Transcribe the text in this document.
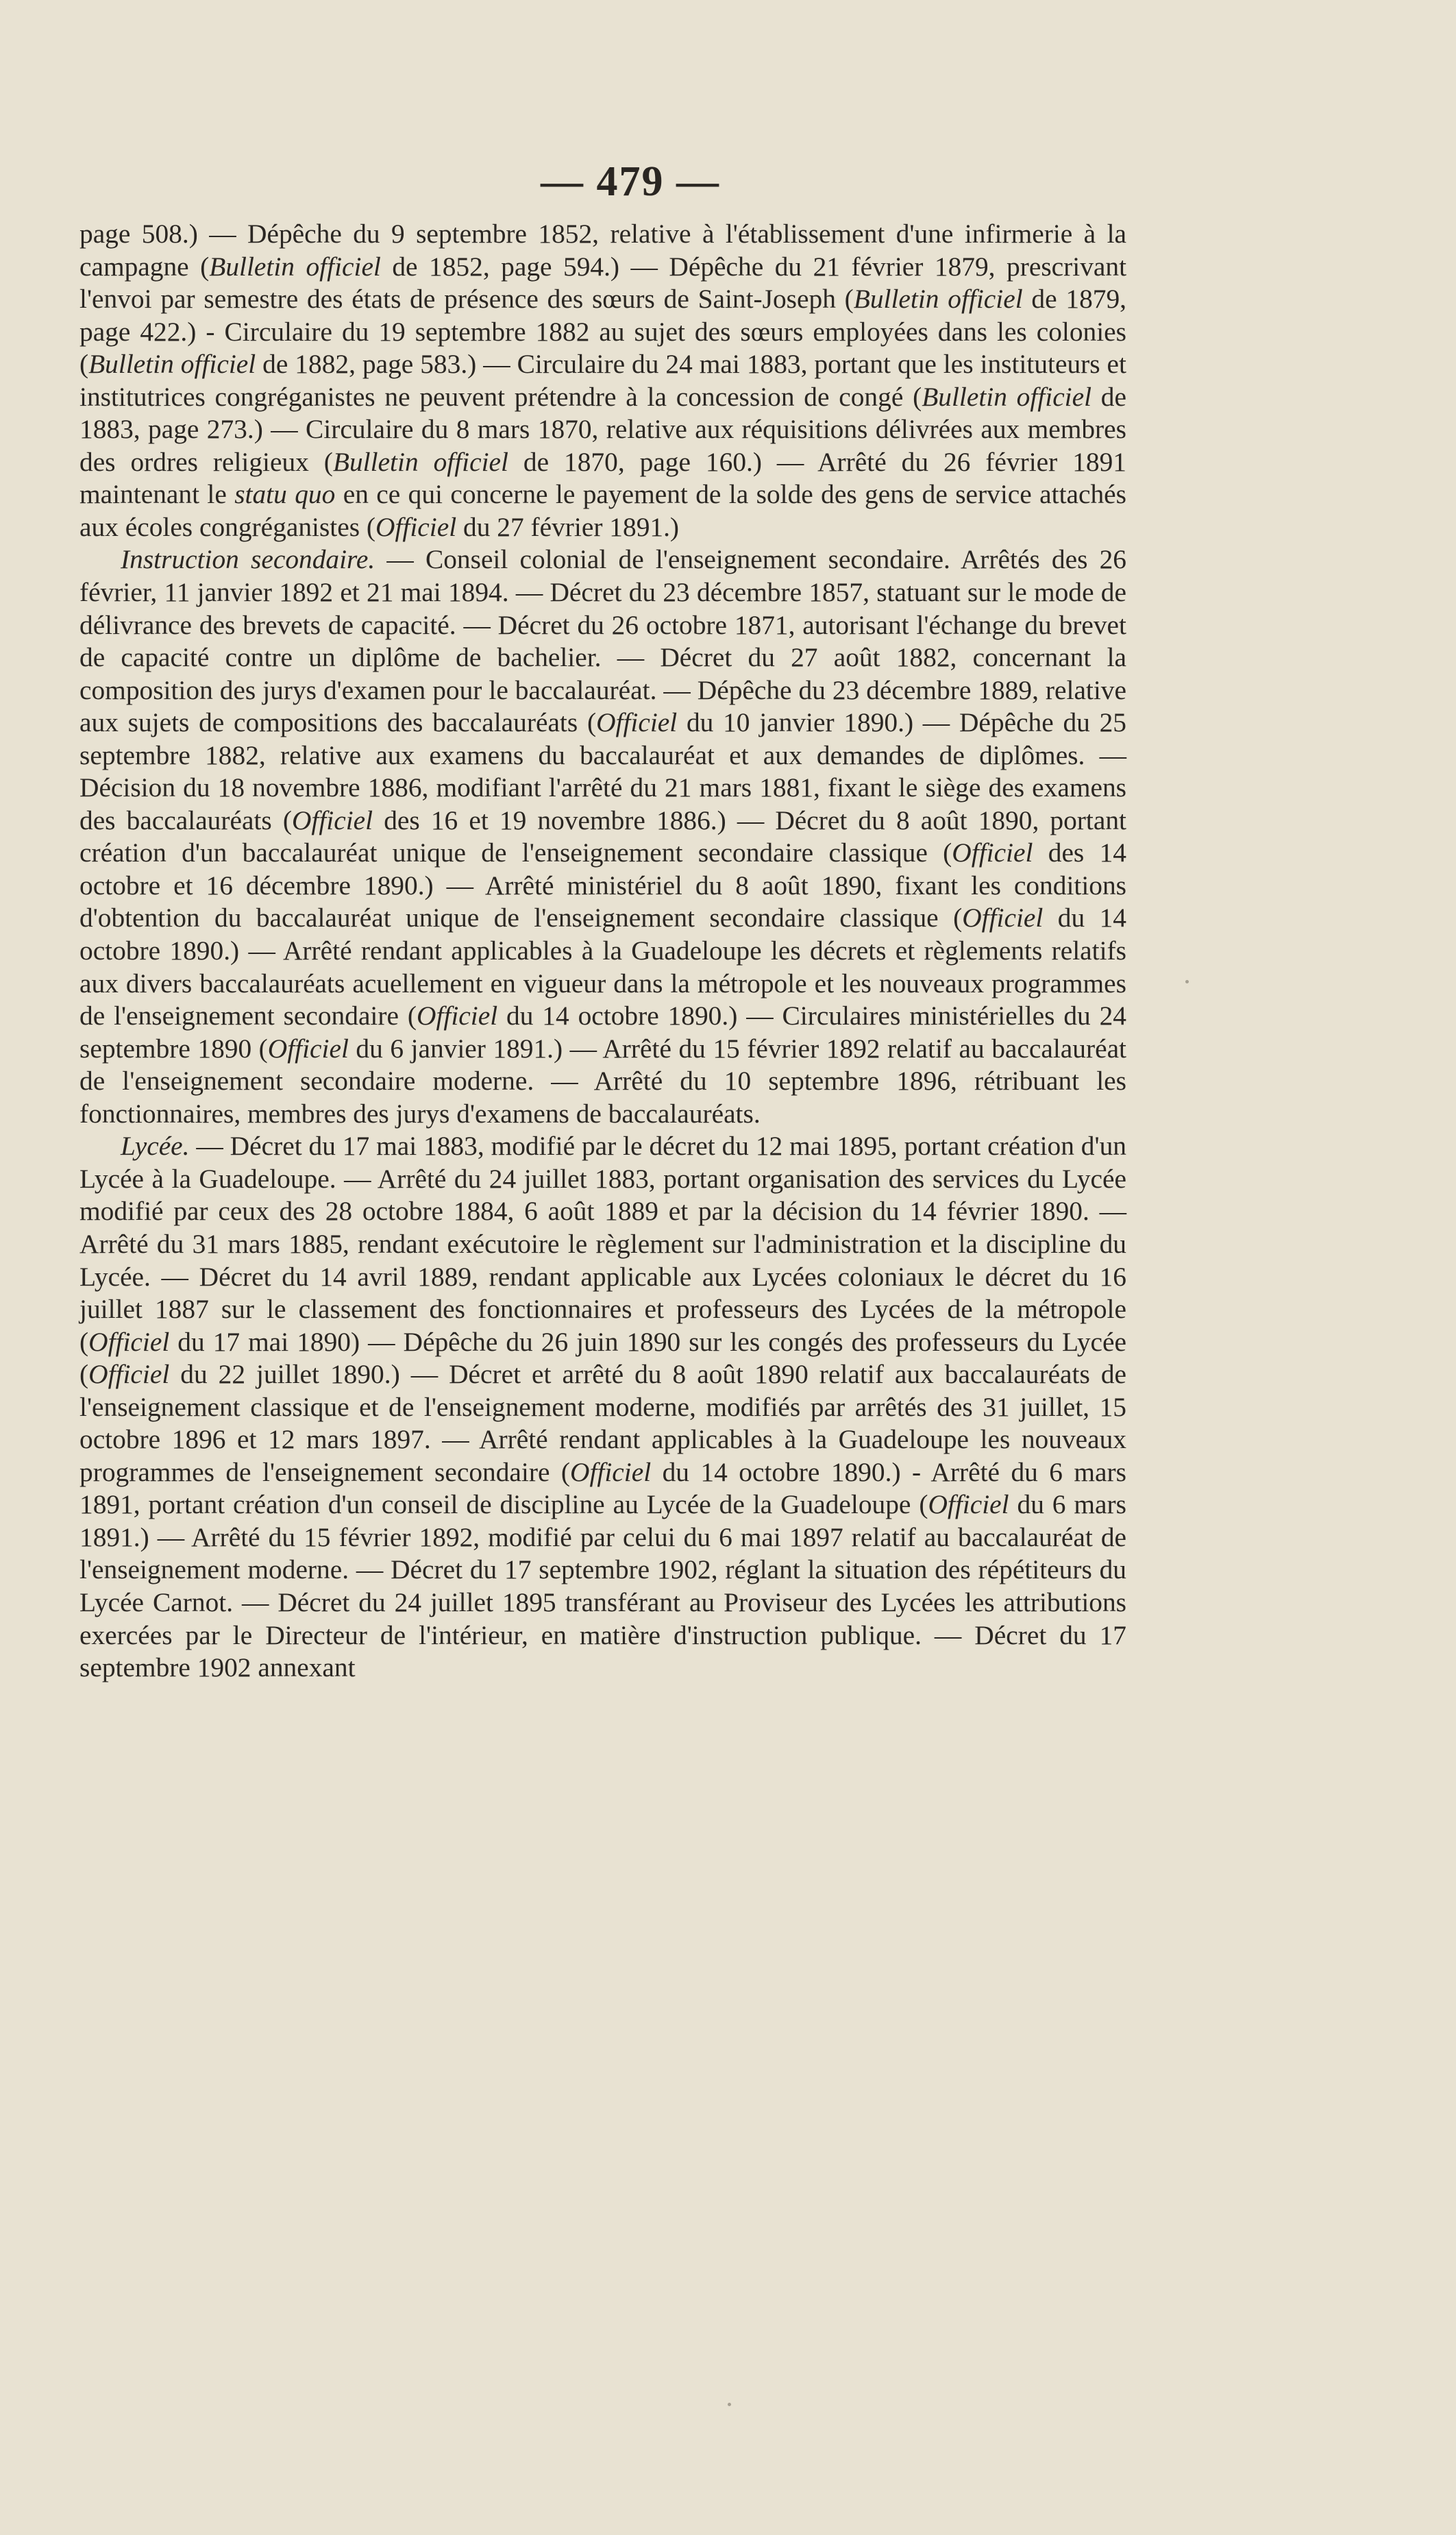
— 479 —

page 508.) — Dépêche du 9 septembre 1852, relative à l'établissement d'une infirmerie à la campagne (Bulletin officiel de 1852, page 594.) — Dépêche du 21 février 1879, prescrivant l'envoi par semestre des états de présence des sœurs de Saint-Joseph (Bulletin officiel de 1879, page 422.) - Circulaire du 19 septembre 1882 au sujet des sœurs employées dans les colonies (Bulletin officiel de 1882, page 583.) — Circulaire du 24 mai 1883, portant que les instituteurs et institutrices congréganistes ne peuvent prétendre à la concession de congé (Bulletin officiel de 1883, page 273.) — Circulaire du 8 mars 1870, relative aux réquisitions délivrées aux membres des ordres religieux (Bulletin officiel de 1870, page 160.) — Arrêté du 26 février 1891 maintenant le statu quo en ce qui concerne le payement de la solde des gens de service attachés aux écoles congréganistes (Officiel du 27 février 1891.)

Instruction secondaire. — Conseil colonial de l'enseignement secondaire. Arrêtés des 26 février, 11 janvier 1892 et 21 mai 1894. — Décret du 23 décembre 1857, statuant sur le mode de délivrance des brevets de capacité. — Décret du 26 octobre 1871, autorisant l'échange du brevet de capacité contre un diplôme de bachelier. — Décret du 27 août 1882, concernant la composition des jurys d'examen pour le baccalauréat. — Dépêche du 23 décembre 1889, relative aux sujets de compositions des baccalauréats (Officiel du 10 janvier 1890.) — Dépêche du 25 septembre 1882, relative aux examens du baccalauréat et aux demandes de diplômes. — Décision du 18 novembre 1886, modifiant l'arrêté du 21 mars 1881, fixant le siège des examens des baccalauréats (Officiel des 16 et 19 novembre 1886.) — Décret du 8 août 1890, portant création d'un baccalauréat unique de l'enseignement secondaire classique (Officiel des 14 octobre et 16 décembre 1890.) — Arrêté ministériel du 8 août 1890, fixant les conditions d'obtention du baccalauréat unique de l'enseignement secondaire classique (Officiel du 14 octobre 1890.) — Arrêté rendant applicables à la Guadeloupe les décrets et règlements relatifs aux divers baccalauréats acuellement en vigueur dans la métropole et les nouveaux programmes de l'enseignement secondaire (Officiel du 14 octobre 1890.) — Circulaires ministérielles du 24 septembre 1890 (Officiel du 6 janvier 1891.) — Arrêté du 15 février 1892 relatif au baccalauréat de l'enseignement secondaire moderne. — Arrêté du 10 septembre 1896, rétribuant les fonctionnaires, membres des jurys d'examens de baccalauréats.

Lycée. — Décret du 17 mai 1883, modifié par le décret du 12 mai 1895, portant création d'un Lycée à la Guadeloupe. — Arrêté du 24 juillet 1883, portant organisation des services du Lycée modifié par ceux des 28 octobre 1884, 6 août 1889 et par la décision du 14 février 1890. — Arrêté du 31 mars 1885, rendant exécutoire le règlement sur l'administration et la discipline du Lycée. — Décret du 14 avril 1889, rendant applicable aux Lycées coloniaux le décret du 16 juillet 1887 sur le classement des fonctionnaires et professeurs des Lycées de la métropole (Officiel du 17 mai 1890) — Dépêche du 26 juin 1890 sur les congés des professeurs du Lycée (Officiel du 22 juillet 1890.) — Décret et arrêté du 8 août 1890 relatif aux baccalauréats de l'enseignement classique et de l'enseignement moderne, modifiés par arrêtés des 31 juillet, 15 octobre 1896 et 12 mars 1897. — Arrêté rendant applicables à la Guadeloupe les nouveaux programmes de l'enseignement secondaire (Officiel du 14 octobre 1890.) - Arrêté du 6 mars 1891, portant création d'un conseil de discipline au Lycée de la Guadeloupe (Officiel du 6 mars 1891.) — Arrêté du 15 février 1892, modifié par celui du 6 mai 1897 relatif au baccalauréat de l'enseignement moderne. — Décret du 17 septembre 1902, réglant la situation des répétiteurs du Lycée Carnot. — Décret du 24 juillet 1895 transférant au Proviseur des Lycées les attributions exercées par le Directeur de l'intérieur, en matière d'instruction publique. — Décret du 17 septembre 1902 annexant
